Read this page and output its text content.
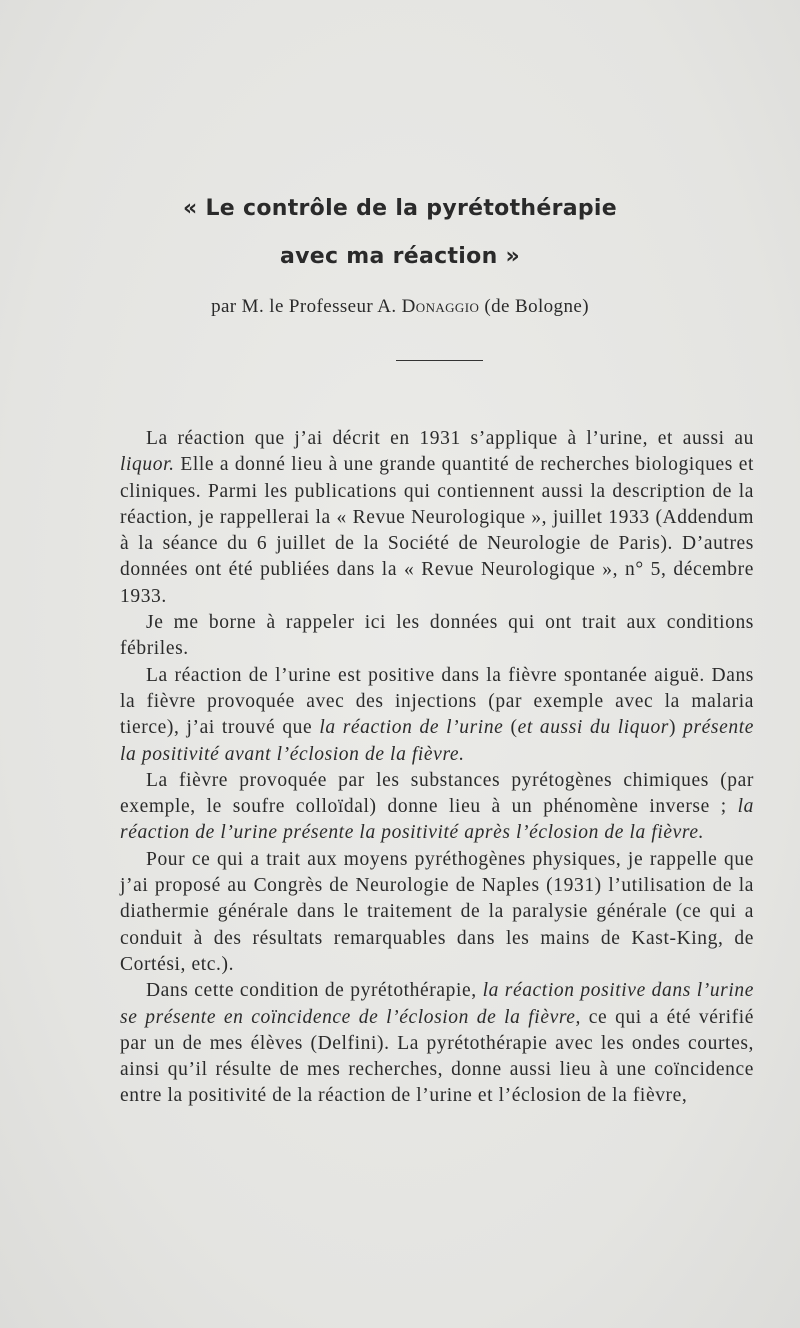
« Le contrôle de la pyrétothérapie
avec ma réaction »
par M. le Professeur A. Donaggio (de Bologne)

La réaction que j’ai décrit en 1931 s’applique à l’urine, et aussi au liquor. Elle a donné lieu à une grande quantité de recherches biologiques et cliniques. Parmi les publications qui contiennent aussi la description de la réaction, je rappellerai la « Revue Neurologique », juillet 1933 (Addendum à la séance du 6 juillet de la Société de Neurologie de Paris). D’autres données ont été publiées dans la « Revue Neurologique », n° 5, décembre 1933.

Je me borne à rappeler ici les données qui ont trait aux conditions fébriles.

La réaction de l’urine est positive dans la fièvre spontanée aiguë. Dans la fièvre provoquée avec des injections (par exemple avec la malaria tierce), j’ai trouvé que la réaction de l’urine (et aussi du liquor) présente la positivité avant l’éclosion de la fièvre.

La fièvre provoquée par les substances pyrétogènes chimiques (par exemple, le soufre colloïdal) donne lieu à un phénomène inverse ; la réaction de l’urine présente la positivité après l’éclosion de la fièvre.

Pour ce qui a trait aux moyens pyréthogènes physiques, je rappelle que j’ai proposé au Congrès de Neurologie de Naples (1931) l’utilisation de la diathermie générale dans le traitement de la paralysie générale (ce qui a conduit à des résultats remarquables dans les mains de Kast-King, de Cortési, etc.).

Dans cette condition de pyrétothérapie, la réaction positive dans l’urine se présente en coïncidence de l’éclosion de la fièvre, ce qui a été vérifié par un de mes élèves (Delfini). La pyrétothérapie avec les ondes courtes, ainsi qu’il résulte de mes recherches, donne aussi lieu à une coïncidence entre la positivité de la réaction de l’urine et l’éclosion de la fièvre,
